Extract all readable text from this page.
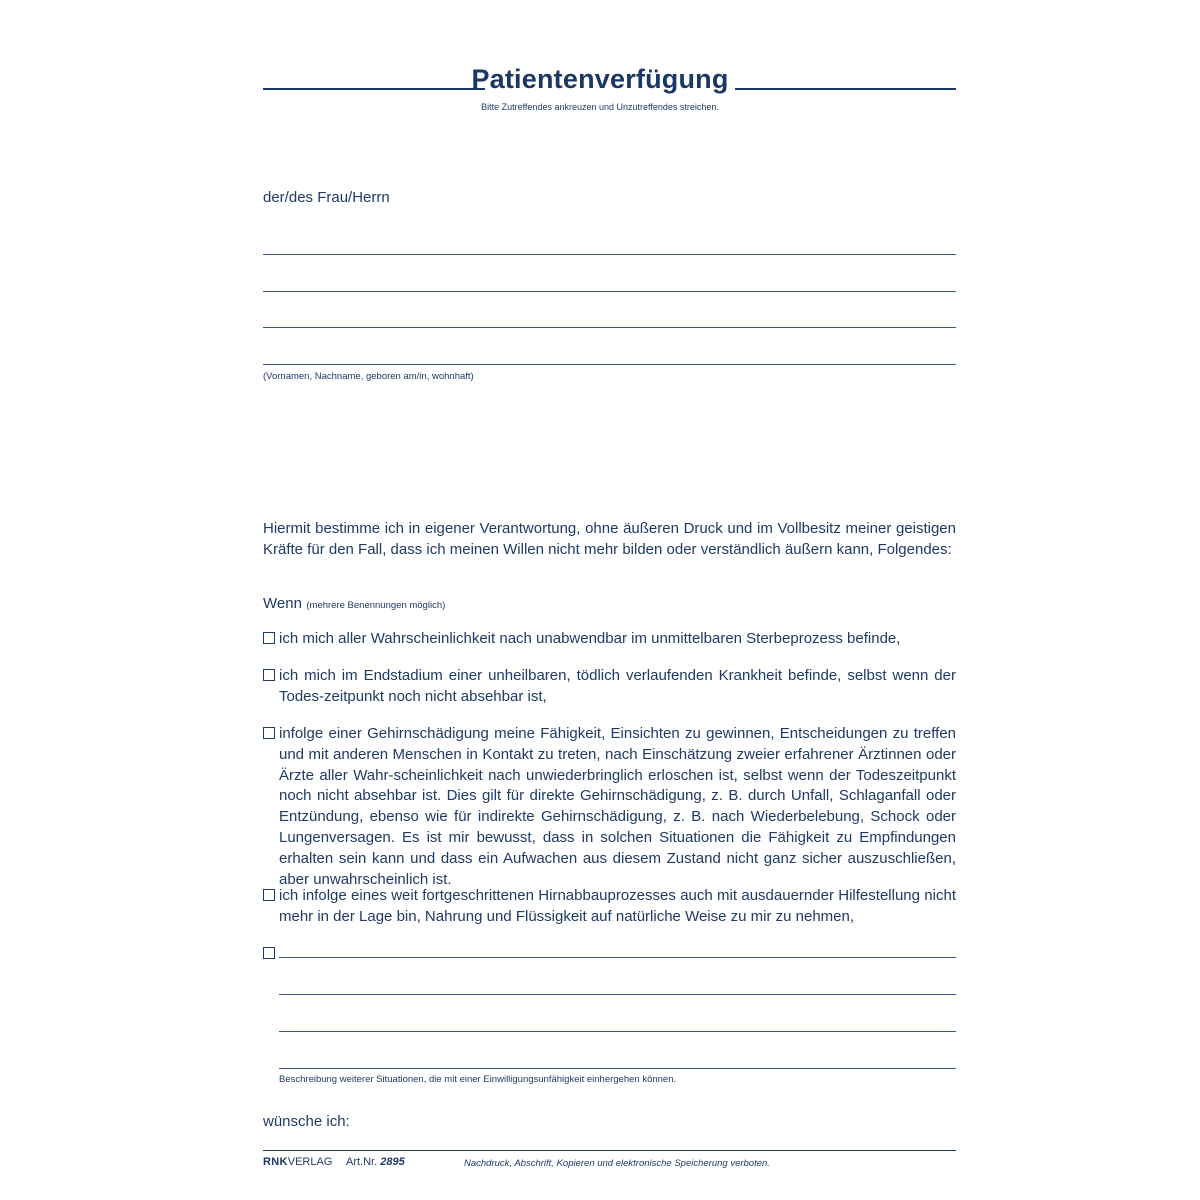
Patientenverfügung
Bitte Zutreffendes ankreuzen und Unzutreffendes streichen.
der/des Frau/Herrn
(Vornamen, Nachname, geboren am/in, wohnhaft)
Hiermit bestimme ich in eigener Verantwortung, ohne äußeren Druck und im Vollbesitz meiner geistigen Kräfte für den Fall, dass ich meinen Willen nicht mehr bilden oder verständlich äußern kann, Folgendes:
Wenn (mehrere Benennungen möglich)
ich mich aller Wahrscheinlichkeit nach unabwendbar im unmittelbaren Sterbeprozess befinde,
ich mich im Endstadium einer unheilbaren, tödlich verlaufenden Krankheit befinde, selbst wenn der Todes-zeitpunkt noch nicht absehbar ist,
infolge einer Gehirnschädigung meine Fähigkeit, Einsichten zu gewinnen, Entscheidungen zu treffen und mit anderen Menschen in Kontakt zu treten, nach Einschätzung zweier erfahrener Ärztinnen oder Ärzte aller Wahr-scheinlichkeit nach unwiederbringlich erloschen ist, selbst wenn der Todeszeitpunkt noch nicht absehbar ist. Dies gilt für direkte Gehirnschädigung, z. B. durch Unfall, Schlaganfall oder Entzündung, ebenso wie für indirekte Gehirnschädigung, z. B. nach Wiederbelebung, Schock oder Lungenversagen. Es ist mir bewusst, dass in solchen Situationen die Fähigkeit zu Empfindungen erhalten sein kann und dass ein Aufwachen aus diesem Zustand nicht ganz sicher auszuschließen, aber unwahrscheinlich ist.
ich infolge eines weit fortgeschrittenen Hirnabbauprozesses auch mit ausdauernder Hilfestellung nicht mehr in der Lage bin, Nahrung und Flüssigkeit auf natürliche Weise zu mir zu nehmen,
Beschreibung weiterer Situationen, die mit einer Einwilligungsunfähigkeit einhergehen können.
wünsche ich:
RNKVERLAG Art.Nr. 2895	Nachdruck, Abschrift, Kopieren und elektronische Speicherung verboten.
